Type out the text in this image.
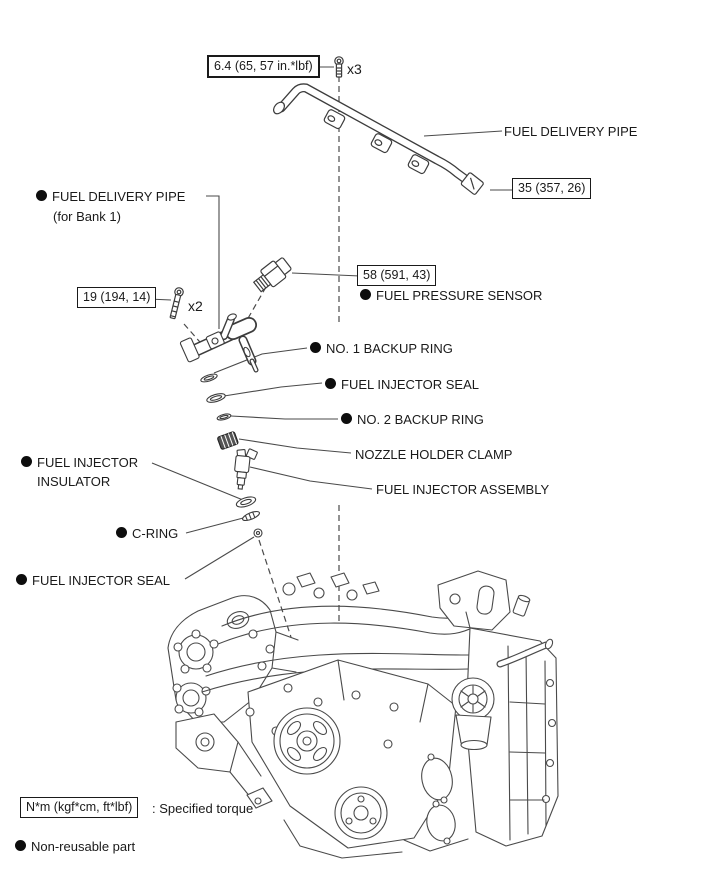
6.4 (65, 57 in.*lbf)	x3
35 (357, 26)
19 (194, 14)
x2
58 (591, 43)
FUEL DELIVERY PIPE
FUEL DELIVERY PIPE
(for Bank 1)
FUEL PRESSURE SENSOR
NO. 1 BACKUP RING
FUEL INJECTOR SEAL
NO. 2 BACKUP RING
NOZZLE HOLDER CLAMP
FUEL INJECTOR ASSEMBLY
FUEL INJECTOR
INSULATOR
C-RING
FUEL INJECTOR SEAL
N*m (kgf*cm, ft*lbf)	: Specified torque
Non-reusable part
